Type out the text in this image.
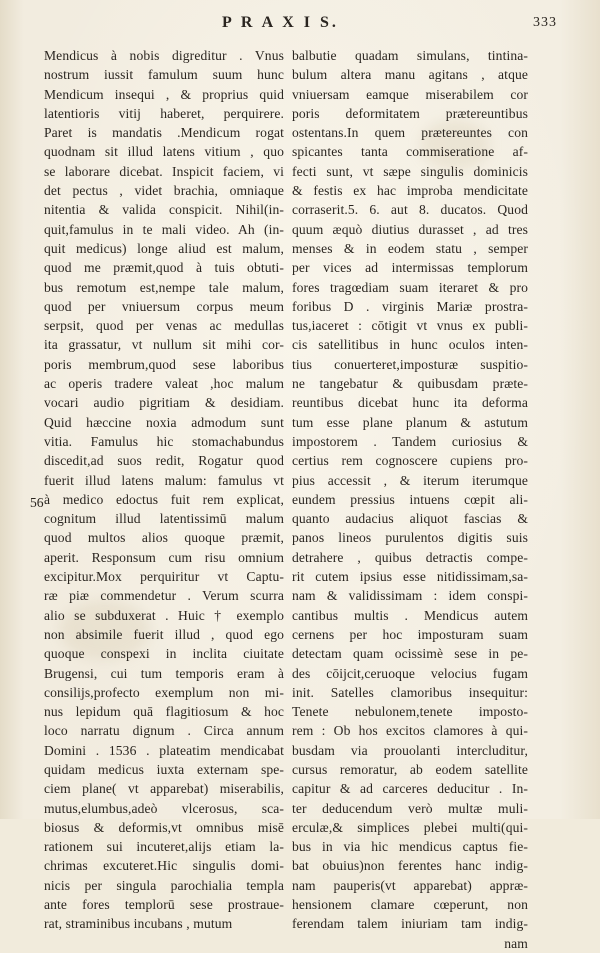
P R A X I S.	333
56
Mendicus à nobis digreditur . Vnus
nostrum iussit famulum suum hunc
Mendicum insequi , & proprius quid
latentioris vitij haberet, perquirere.
Paret is mandatis .Mendicum rogat
quodnam sit illud latens vitium , quo
se laborare dicebat. Inspicit faciem, vi
det pectus , videt brachia, omniaque
nitentia & valida conspicit. Nihil(in-
quit,famulus in te mali video. Ah (in-
quit medicus) longe aliud est malum,
quod me præmit,quod à tuis obtuti-
bus remotum est,nempe tale malum,
quod per vniuersum corpus meum
serpsit, quod per venas ac medullas
ita grassatur, vt nullum sit mihi cor-
poris membrum,quod sese laboribus
ac operis tradere valeat ,hoc malum
vocari audio pigritiam & desidiam.
Quid hæccine noxia admodum sunt
vitia. Famulus hic stomachabundus
discedit,ad suos redit, Rogatur quod
fuerit illud latens malum: famulus vt
à medico edoctus fuit rem explicat,
cognitum illud latentissimū malum
quod multos alios quoque præmit,
aperit. Responsum cum risu omnium
excipitur.Mox perquiritur vt Captu-
ræ piæ commendetur . Verum scurra
alio se subduxerat . Huic † exemplo
non absimile fuerit illud , quod ego
quoque conspexi in inclita ciuitate
Brugensi, cui tum temporis eram à
consilijs,profecto exemplum non mi-
nus lepidum quā flagitiosum & hoc
loco narratu dignum . Circa annum
Domini . 1536 . plateatim mendicabat
quidam medicus iuxta externam spe-
ciem plane( vt apparebat) miserabilis,
mutus,elumbus,adeò vlcerosus, sca-
biosus & deformis,vt omnibus misē
rationem sui incuteret,alijs etiam la-
chrimas excuteret.Hic singulis domi-
nicis per singula parochialia templa
ante fores templorū sese prostraue-
rat, straminibus incubans , mutum
balbutie quadam simulans, tintina-
bulum altera manu agitans , atque
vniuersam eamque miserabilem cor
poris deformitatem prætereuntibus
ostentans.In quem prætereuntes con
spicantes tanta commiseratione af-
fecti sunt, vt sæpe singulis dominicis
& festis ex hac improba mendicitate
corraserit.5. 6. aut 8. ducatos. Quod
quum æquò diutius durasset , ad tres
menses & in eodem statu , semper
per vices ad intermissas templorum
fores tragœdiam suam iteraret & pro
foribus D . virginis Mariæ prostra-
tus,iaceret : cōtigit vt vnus ex publi-
cis satellitibus in hunc oculos inten-
tius conuerteret,imposturæ suspitio-
ne tangebatur & quibusdam præte-
reuntibus dicebat hunc ita deforma
tum esse plane planum & astutum
impostorem . Tandem curiosius &
certius rem cognoscere cupiens pro-
pius accessit , & iterum iterumque
eundem pressius intuens cœpit ali-
quanto audacius aliquot fascias &
panos lineos purulentos digitis suis
detrahere , quibus detractis compe-
rit cutem ipsius esse nitidissimam,sa-
nam & validissimam : idem conspi-
cantibus multis . Mendicus autem
cernens per hoc imposturam suam
detectam quam ocissimè sese in pe-
des cōijcit,ceruoque velocius fugam
init. Satelles clamoribus insequitur:
Tenete nebulonem,tenete imposto-
rem : Ob hos excitos clamores à qui-
busdam via prouolanti intercluditur,
cursus remoratur, ab eodem satellite
capitur & ad carceres deducitur . In-
ter deducendum verò multæ muli-
erculæ,& simplices plebei multi(qui-
bus in via hic mendicus captus fie-
bat obuius)non ferentes hanc indig-
nam pauperis(vt apparebat) appræ-
hensionem clamare cœperunt, non
ferendam talem iniuriam tam indig-
nam
